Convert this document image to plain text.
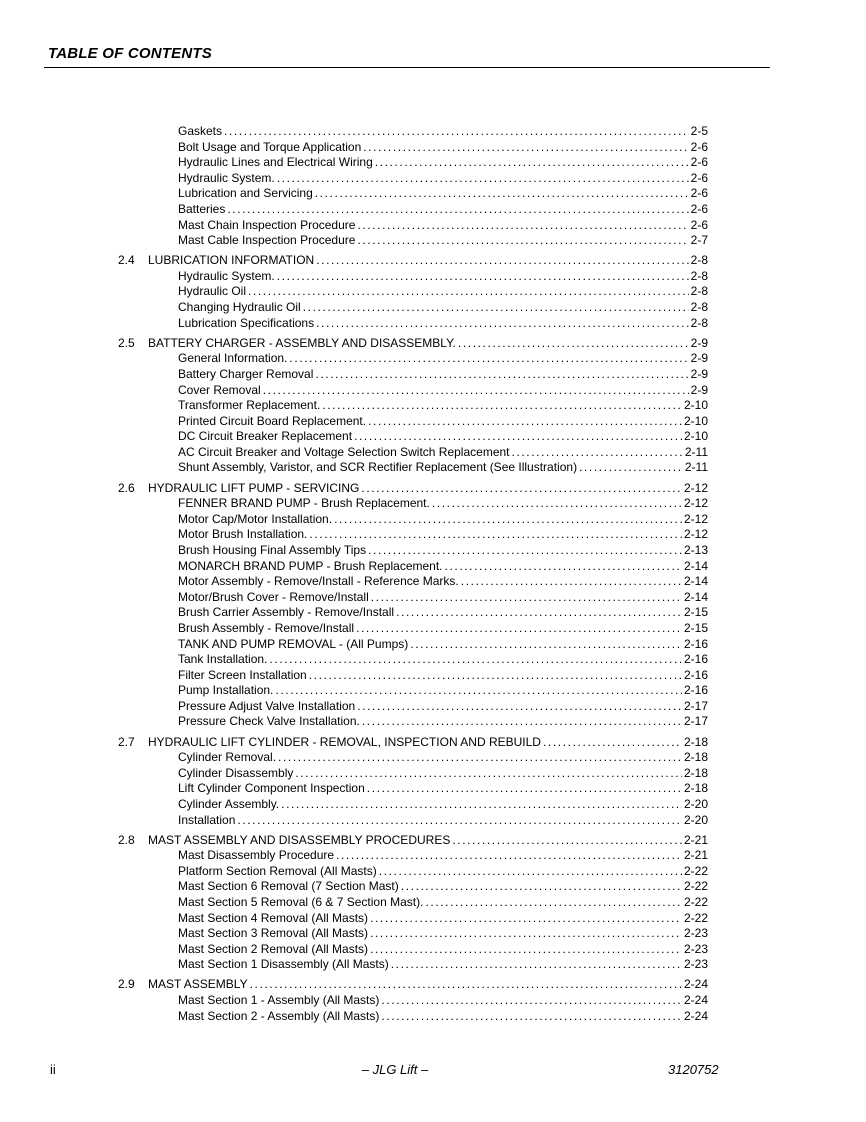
TABLE OF CONTENTS
Gaskets .....	2-5
Bolt Usage and Torque Application .....	2-6
Hydraulic Lines and Electrical Wiring .....	2-6
Hydraulic System. .....	2-6
Lubrication and Servicing .....	2-6
Batteries .....	2-6
Mast Chain Inspection Procedure .....	2-6
Mast Cable Inspection Procedure .....	2-7
2.4	LUBRICATION INFORMATION .....	2-8
Hydraulic System. .....	2-8
Hydraulic Oil .....	2-8
Changing Hydraulic Oil .....	2-8
Lubrication Specifications .....	2-8
2.5	BATTERY CHARGER - ASSEMBLY AND DISASSEMBLY. .....	2-9
General Information. .....	2-9
Battery Charger Removal .....	2-9
Cover Removal .....	2-9
Transformer Replacement. .....	2-10
Printed Circuit Board Replacement. .....	2-10
DC Circuit Breaker Replacement .....	2-10
AC Circuit Breaker and Voltage Selection Switch Replacement .....	2-11
Shunt Assembly, Varistor, and SCR Rectifier Replacement (See Illustration) .....	2-11
2.6	HYDRAULIC LIFT PUMP - SERVICING .....	2-12
FENNER BRAND PUMP - Brush Replacement. .....	2-12
Motor Cap/Motor Installation. .....	2-12
Motor Brush Installation. .....	2-12
Brush Housing Final Assembly Tips .....	2-13
MONARCH BRAND PUMP - Brush Replacement. .....	2-14
Motor Assembly - Remove/Install - Reference Marks. .....	2-14
Motor/Brush Cover - Remove/Install .....	2-14
Brush Carrier Assembly - Remove/Install .....	2-15
Brush Assembly - Remove/Install .....	2-15
TANK AND PUMP REMOVAL - (All Pumps) .....	2-16
Tank Installation. .....	2-16
Filter Screen Installation .....	2-16
Pump Installation. .....	2-16
Pressure Adjust Valve Installation .....	2-17
Pressure Check Valve Installation. .....	2-17
2.7	HYDRAULIC LIFT CYLINDER - REMOVAL, INSPECTION AND REBUILD .....	2-18
Cylinder Removal. .....	2-18
Cylinder Disassembly .....	2-18
Lift Cylinder Component Inspection .....	2-18
Cylinder Assembly. .....	2-20
Installation .....	2-20
2.8	MAST ASSEMBLY AND DISASSEMBLY PROCEDURES .....	2-21
Mast Disassembly Procedure .....	2-21
Platform Section Removal (All Masts) .....	2-22
Mast Section 6 Removal (7 Section Mast) .....	2-22
Mast Section 5 Removal (6 & 7 Section Mast). .....	2-22
Mast Section 4 Removal (All Masts) .....	2-22
Mast Section 3 Removal (All Masts) .....	2-23
Mast Section 2 Removal (All Masts) .....	2-23
Mast Section 1 Disassembly (All Masts) .....	2-23
2.9	MAST ASSEMBLY .....	2-24
Mast Section 1 - Assembly (All Masts) .....	2-24
Mast Section 2 - Assembly (All Masts) .....	2-24
ii	– JLG Lift –	3120752
